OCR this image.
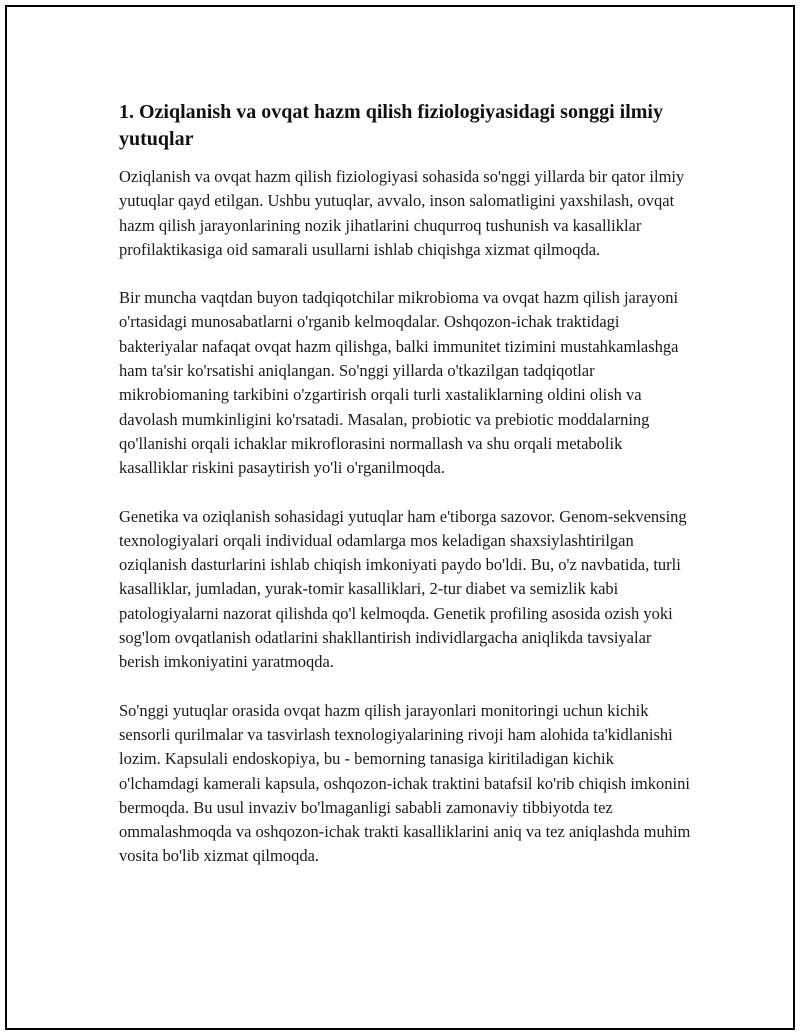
1. Oziqlanish va ovqat hazm qilish fiziologiyasidagi songgi ilmiy yutuqlar

Oziqlanish va ovqat hazm qilish fiziologiyasi sohasida so'nggi yillarda bir qator ilmiy yutuqlar qayd etilgan. Ushbu yutuqlar, avvalo, inson salomatligini yaxshilash, ovqat hazm qilish jarayonlarining nozik jihatlarini chuqurroq tushunish va kasalliklar profilaktikasiga oid samarali usullarni ishlab chiqishga xizmat qilmoqda.

Bir muncha vaqtdan buyon tadqiqotchilar mikrobioma va ovqat hazm qilish jarayoni o'rtasidagi munosabatlarni o'rganib kelmoqdalar. Oshqozon-ichak traktidagi bakteriyalar nafaqat ovqat hazm qilishga, balki immunitet tizimini mustahkamlashga ham ta'sir ko'rsatishi aniqlangan. So'nggi yillarda o'tkazilgan tadqiqotlar mikrobiomaning tarkibini o'zgartirish orqali turli xastaliklarning oldini olish va davolash mumkinligini ko'rsatadi. Masalan, probiotic va prebiotic moddalarning qo'llanishi orqali ichaklar mikroflorasini normallash va shu orqali metabolik kasalliklar riskini pasaytirish yo'li o'rganilmoqda.

Genetika va oziqlanish sohasidagi yutuqlar ham e'tiborga sazovor. Genom-sekvensing texnologiyalari orqali individual odamlarga mos keladigan shaxsiylashtirilgan oziqlanish dasturlarini ishlab chiqish imkoniyati paydo bo'ldi. Bu, o'z navbatida, turli kasalliklar, jumladan, yurak-tomir kasalliklari, 2-tur diabet va semizlik kabi patologiyalarni nazorat qilishda qo'l kelmoqda. Genetik profiling asosida ozish yoki sog'lom ovqatlanish odatlarini shakllantirish individlargacha aniqlikda tavsiyalar berish imkoniyatini yaratmoqda.

So'nggi yutuqlar orasida ovqat hazm qilish jarayonlari monitoringi uchun kichik sensorli qurilmalar va tasvirlash texnologiyalarining rivoji ham alohida ta'kidlanishi lozim. Kapsulali endoskopiya, bu - bemorning tanasiga kiritiladigan kichik o'lchamdagi kamerali kapsula, oshqozon-ichak traktini batafsil ko'rib chiqish imkonini bermoqda. Bu usul invaziv bo'lmaganligi sababli zamonaviy tibbiyotda tez ommalashmoqda va oshqozon-ichak trakti kasalliklarini aniq va tez aniqlashda muhim vosita bo'lib xizmat qilmoqda.
